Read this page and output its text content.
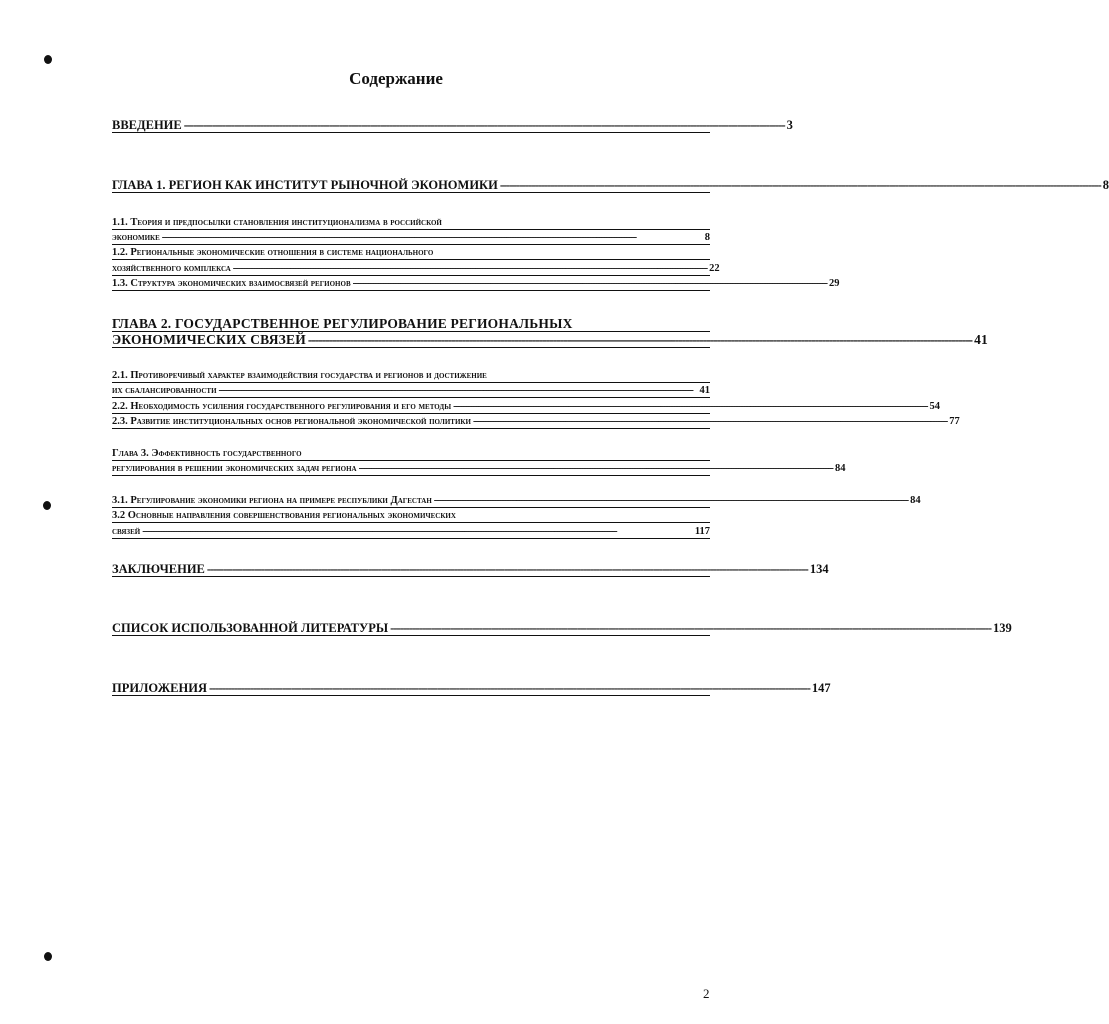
Содержание
ВВЕДЕНИЕ -----	3
ГЛАВА 1. РЕГИОН КАК ИНСТИТУТ РЫНОЧНОЙ ЭКОНОМИКИ -----	8
1.1. Теория и предпосылки становления институционализма в российской
экономике -----	8
1.2. Региональные экономические отношения в системе национального
хозяйственного комплекса -----	22
1.3. Структура экономических взаимосвязей регионов -----	29
ГЛАВА 2. ГОСУДАРСТВЕННОЕ РЕГУЛИРОВАНИЕ РЕГИОНАЛЬНЫХ
ЭКОНОМИЧЕСКИХ СВЯЗЕЙ -----	41
2.1. Противоречивый характер взаимодействия государства и регионов и достижение
их сбалансированности -----	41
2.2. Необходимость усиления государственного регулирования и его методы -----	54
2.3. Развитие институциональных основ региональной экономической политики -----	77
Глава 3. Эффективность государственного
регулирования в решении экономических задач региона -----	84
3.1. Регулирование экономики региона на примере республики Дагестан -----	84
3.2 Основные направления совершенствования региональных экономических
связей -----	117
ЗАКЛЮЧЕНИЕ -----	134
СПИСОК ИСПОЛЬЗОВАННОЙ ЛИТЕРАТУРЫ -----	139
ПРИЛОЖЕНИЯ -----	147
2
